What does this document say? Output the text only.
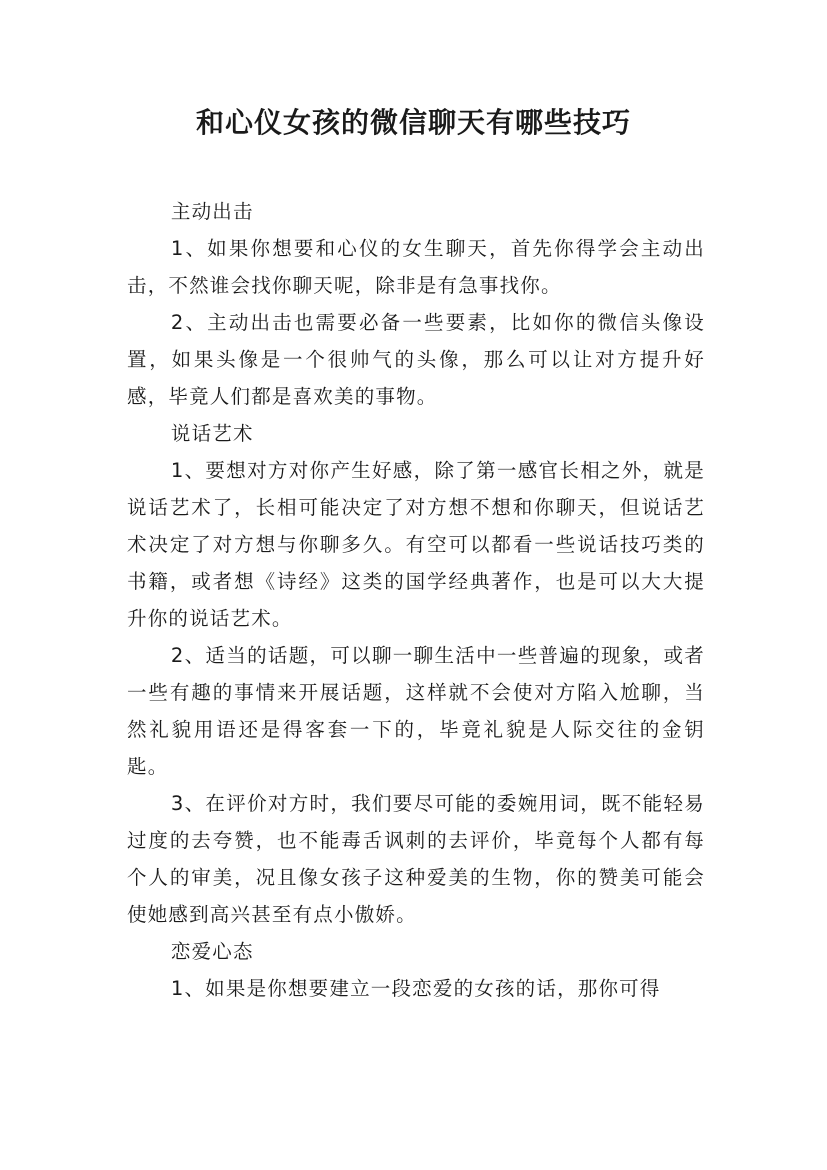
和心仪女孩的微信聊天有哪些技巧

主动出击

1、如果你想要和心仪的女生聊天，首先你得学会主动出击，不然谁会找你聊天呢，除非是有急事找你。

2、主动出击也需要必备一些要素，比如你的微信头像设置，如果头像是一个很帅气的头像，那么可以让对方提升好感，毕竟人们都是喜欢美的事物。

说话艺术

1、要想对方对你产生好感，除了第一感官长相之外，就是说话艺术了，长相可能决定了对方想不想和你聊天，但说话艺术决定了对方想与你聊多久。有空可以都看一些说话技巧类的书籍，或者想《诗经》这类的国学经典著作，也是可以大大提升你的说话艺术。

2、适当的话题，可以聊一聊生活中一些普遍的现象，或者一些有趣的事情来开展话题，这样就不会使对方陷入尬聊，当然礼貌用语还是得客套一下的，毕竟礼貌是人际交往的金钥匙。

3、在评价对方时，我们要尽可能的委婉用词，既不能轻易过度的去夸赞，也不能毒舌讽刺的去评价，毕竟每个人都有每个人的审美，况且像女孩子这种爱美的生物，你的赞美可能会使她感到高兴甚至有点小傲娇。

恋爱心态

1、如果是你想要建立一段恋爱的女孩的话，那你可得
